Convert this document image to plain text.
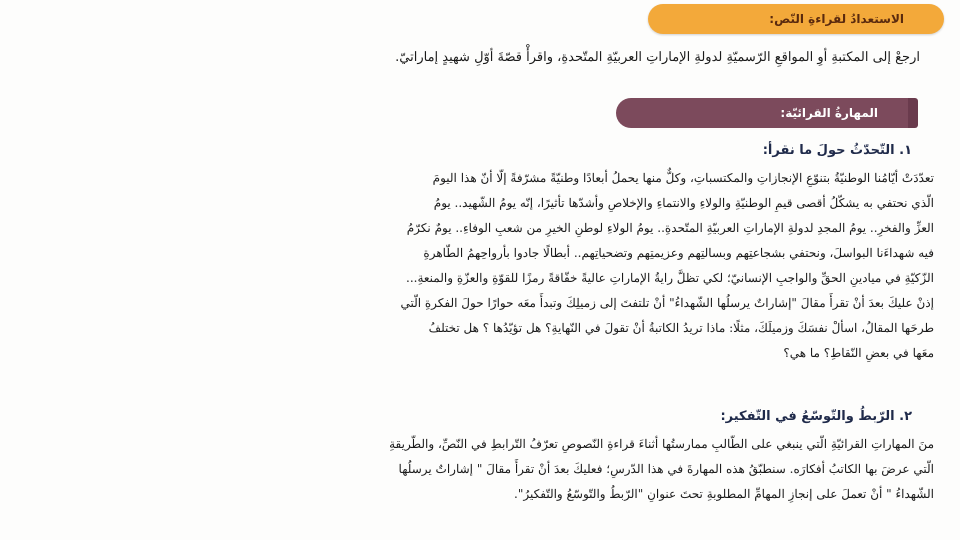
الاستعدادُ لقراءةِ النّص:
ارجعْ إلى المكتبةِ أوِ المواقعِ الرّسميّةِ لدولةِ الإماراتِ العربيّةِ المتّحدةِ، واقرأْ قصّةَ أوّلِ شهيدٍ إماراتيّ.
المهارةُ القرائيّة:
١. التّحدّثُ حولَ ما نقرأ:
تعدّدَتْ أيّامُنا الوطنيّةُ بتنوّعِ الإنجازاتِ والمكتسباتِ، وكلٌّ منها يحملُ أبعادًا وطنيّةً مشرّفةً إلّا أنّ هذا اليومَ
الّذي نحتفي به يشكّلُ أقصى قيمِ الوطنيّةِ والولاءِ والانتماءِ والإخلاصِ وأشدّها تأثيرًا، إنّه يومُ الشّهيد.. يومُ
العزِّ والفخرِ.. يومُ المجدِ لدولةِ الإماراتِ العربيّةِ المتّحدةِ.. يومُ الولاءِ لوطنِ الخيرِ من شعبِ الوفاءِ.. يومٌ نكرّمُ
فيه شهداءَنا البواسلَ، ونحتفي بشجاعتِهم وبسالتِهم وعزيمتِهم وتضحياتِهم.. أبطالًا جادوا بأرواحِهمُ الطّاهرةِ
الزّكيّةِ في ميادينِ الحقِّ والواجبِ الإنسانيّ؛ لكي تظلَّ رايةُ الإماراتِ عاليةً خفّاقةً رمزًا للقوّةِ والعزّةِ والمنعةِ...
إذنْ عليكَ بعدَ أنْ تقرأَ مقالَ "إشاراتٌ يرسلُها الشّهداءُ" أنْ تلتفتَ إلى زميلِكَ وتبدأَ معَه حوارًا حولَ الفكرةِ الّتي
طرحَها المقالُ، اسألْ نفسَكَ وزميلَكَ، مثلًا: ماذا تريدُ الكاتبةُ أنْ تقولَ في النّهايةِ؟ هل تؤيّدُها ؟ هل تختلفُ
معَها في بعضِ النّقاطِ؟ ما هي؟
٢. الرّبطُ والتّوسّعُ في التّفكير:
منَ المهاراتِ القرائيّةِ الّتي ينبغي على الطّالبِ ممارستُها أثناءَ قراءةِ النّصوصِ تعرّفُ التّرابطِ في النّصِّ، والطّريقةِ
الّتي عرضَ بها الكاتبُ أفكارَه. سنطبّقُ هذه المهارةَ في هذا الدّرسِ؛ فعليكَ بعدَ أنْ تقرأَ مقالَ " إشاراتٌ يرسلُها
الشّهداءُ " أنْ تعملَ على إنجازِ المهامِّ المطلوبةِ تحتَ عنوانِ "الرّبطُ والتّوسّعُ والتّفكيرُ".
